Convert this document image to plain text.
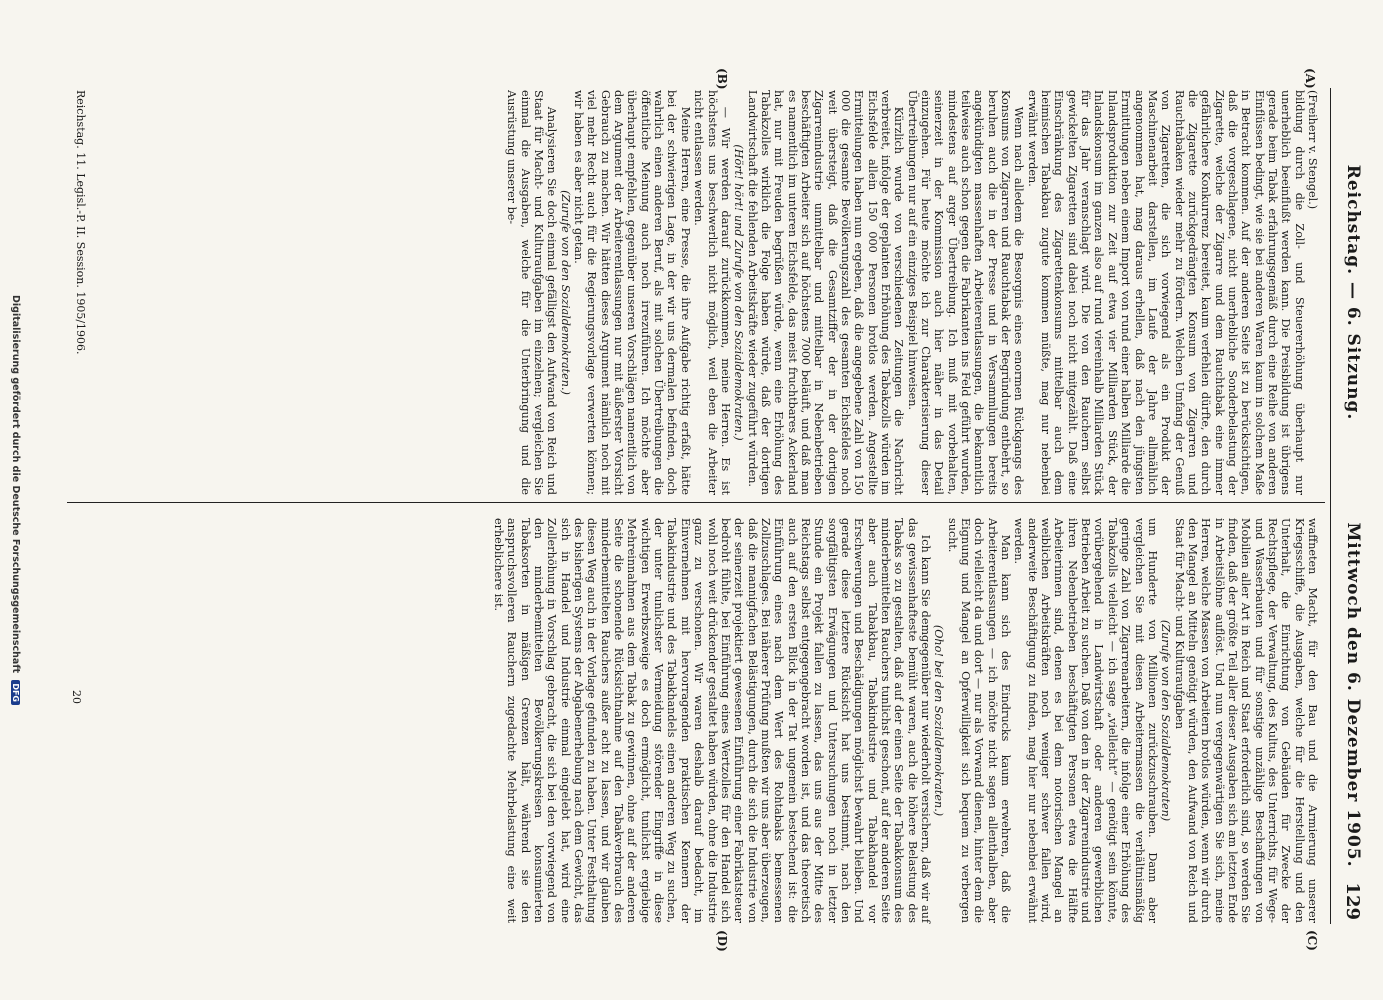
Reichstag. — 6. Sitzung.
Mittwoch den 6. Dezember 1905.
129
(A)
(B)
(C)
(D)

(Freiherr v. Stengel.)

bildung durch die Zoll- und Steuererhöhung überhaupt nur unerheblich beeinflußt werden kann. Die Preisbildung ist übrigens gerade beim Tabak erfahrungsgemäß durch eine Reihe von anderen Einflüssen bedingt, wie sie bei anderen Waren kaum in solchem Maße in Betracht kommen. Auf der anderen Seite ist zu berücksichtigen, daß die vorgeschlagene, nicht unerhebliche Sonderbelastung der Zigarette, welche der Zigarre und dem Rauchtabak eine immer gefährlichere Konkurrenz bereitet, kaum verfehlen dürfte, den durch die Zigarette zurückgedrängten Konsum von Zigarren und Rauchtabaken wieder mehr zu fördern. Welchen Umfang der Genuß von Zigaretten, die sich vorwiegend als ein Produkt der Maschinenarbeit darstellen, im Laufe der Jahre allmählich angenommen hat, mag daraus erhellen, daß nach den jüngsten Ermittlungen neben einem Import von rund einer halben Milliarde die Inlandsproduktion zur Zeit auf etwa vier Milliarden Stück, der Inlandskonsum im ganzen also auf rund viereinhalb Milliarden Stück für das Jahr veranschlagt wird. Die von den Rauchern selbst gewickelten Zigaretten sind dabei noch nicht mitgezählt. Daß eine Einschränkung des Zigarettenkonsums mittelbar auch dem heimischen Tabakbau zugute kommen müßte, mag nur nebenbei erwähnt werden.

Wenn nach alledem die Besorgnis eines enormen Rückgangs des Konsums von Zigarren und Rauchtabak der Begründung entbehrt, so beruhen auch die in der Presse und in Versammlungen bereits angekündigten massenhaften Arbeiterentlassungen, die bekanntlich teilweise auch schon gegen die Fabrikanten ins Feld geführt wurden, mindestens auf arger Übertreibung. Ich muß mit vorbehalten, seinerzeit in der Kommission auch hier näher in das Detail einzugehen. Für heute möchte ich zur Charakterisierung dieser Übertreibungen nur auf ein einziges Beispiel hinweisen.

Kürzlich wurde von verschiedenen Zeitungen die Nachricht verbreitet, infolge der geplanten Erhöhung des Tabakzolls würden im Eichsfelde allein 150 000 Personen brotlos werden. Angestellte Ermittelungen haben nun ergeben, daß die angegebene Zahl von 150 000 die gesamte Bevölkerungszahl des gesamten Eichsfeldes noch weit übersteigt, daß die Gesamtziffer der in der dortigen Zigarrenindustrie unmittelbar und mittelbar in Nebenbetrieben beschäftigten Arbeiter sich auf höchstens 7000 beläuft, und daß man es namentlich im unteren Eichsfelde, das meist fruchtbares Ackerland hat, nur mit Freuden begrüßen würde, wenn eine Erhöhung des Tabakzolles wirklich die Folge haben würde, daß der dortigen Landwirtschaft die fehlenden Arbeitskräfte wieder zugeführt würden.

(Hört! hört! und Zurufe von den Sozialdemokraten.)

— Wir werden darauf zurückkommen, meine Herren. Es ist höchstens uns beschwerlich nicht möglich, weil eben die Arbeiter nicht entlassen werden.

Meine Herren, eine Presse, die ihre Aufgabe richtig erfaßt, hätte bei der schwierigen Lage, in der wir uns dermalen befinden, doch wahrlich einen anderen Beruf, als mit solchen Übertreibungen die öffentliche Meinung auch noch irrezuführen. Ich möchte aber überhaupt empfehlen, gegenüber unseren Vorschlägen namentlich von dem Argument der Arbeiterentlassungen nur mit äußerster Vorsicht Gebrauch zu machen. Wir hätten dieses Argument nämlich noch mit viel mehr Recht auch für die Regierungsvorlage verwerten können; wir haben es aber nicht getan.

(Zurufe von den Sozialdemokraten.)

Analysieren Sie doch einmal gefälligst den Aufwand von Reich und Staat für Macht- und Kulturaufgaben im einzelnen; vergleichen Sie einmal die Ausgaben, welche für die Unterbringung und die Ausrüstung unserer be-

waffneten Macht, für den Bau und die Armierung unserer Kriegsschiffe, die Ausgaben, welche für die Herstellung und den Unterhalt, die Einrichtung von Gebäuden für Zwecke der Rechtspflege, der Verwaltung, des Kultus, des Unterrichts, für Wege- und Wasserbauten und für sonstige unzählige Beschaffungen von Mobilien aller Art in Reich und Staat erforderlich sind, so werden Sie finden, daß der größte Teil aller dieser Ausgaben sich am letzten Ende in Arbeitslöhne auflöst. Und nun vergegenwärtigen Sie sich, meine Herren, welche Massen von Arbeitern brotlos würden, wenn wir durch den Mangel an Mitteln genötigt würden, den Aufwand von Reich und Staat für Macht- und Kulturaufgaben

(Zurufe von den Sozialdemokraten)

um Hunderte von Millionen zurückzuschrauben. Dann aber vergleichen Sie mit diesen Arbeitermassen die verhältnismäßig geringe Zahl von Zigarrenarbeitern, die infolge einer Erhöhung des Tabakzolls vielleicht — ich sage „vielleicht“ — genötigt sein könnte, vorübergehend in Landwirtschaft oder anderen gewerblichen Betrieben Arbeit zu suchen. Daß von den in der Zigarrenindustrie und ihren Nebenbetrieben beschäftigten Personen etwa die Hälfte Arbeiterinnen sind, denen es bei dem notorischen Mangel an weiblichen Arbeitskräften noch weniger schwer fallen wird, anderweite Beschäftigung zu finden, mag hier nur nebenbei erwähnt werden.

Man kann sich des Eindrucks kaum erwehren, daß die Arbeiterentlassungen — ich möchte nicht sagen allenthalben, aber doch vielleicht da und dort — nur als Vorwand dienen, hinter dem die Eignung und Mangel an Opferwilligkeit sich bequem zu verbergen sucht.

(Oho! bei den Sozialdemokraten.)

Ich kann Sie demgegenüber nur wiederholt versichern, daß wir auf das gewissenhafteste bemüht waren, auch die höhere Belastung des Tabaks so zu gestalten, daß auf der einen Seite der Tabakkonsum des minderbemittelten Rauchers tunlichst geschont, auf der anderen Seite aber auch Tabakbau, Tabakindustrie und Tabakhandel vor Erschwerungen und Beschädigungen möglichst bewahrt bleiben. Und gerade diese letztere Rücksicht hat uns bestimmt, nach den sorgfältigsten Erwägungen und Untersuchungen noch in letzter Stunde ein Projekt fallen zu lassen, das uns aus der Mitte des Reichstags selbst entgegengebracht worden ist, und das theoretisch auch auf den ersten Blick in der Tat ungemein bestechend ist: die Einführung eines nach dem Wert des Rohtabaks bemessenen Zollzuschlages. Bei näherer Prüfung mußten wir uns aber überzeugen, daß die mannigfachen Belästigungen, durch die sich die Industrie von der seinerzeit projektiert gewesenen Einführung einer Fabrikatsteuer bedroht fühlte, bei Einführung eines Wertzolles für den Handel sich wohl noch weit drückender gestaltet haben würden, ohne die Industrie ganz zu verschonen. Wir waren deshalb darauf bedacht, im Einvernehmen mit hervorragenden praktischen Kennern der Tabakindustrie und des Tabakhandels einen anderen Weg zu suchen, der unter tunlichster Vermeidung störender Eingriffe in diese wichtigen Erwerbszweige es doch ermöglicht, tunlichst ergiebige Mehreinnahmen aus dem Tabak zu gewinnen, ohne auf der anderen Seite die schonende Rücksichtnahme auf den Tabakverbrauch des minderbemittelten Rauchers außer acht zu lassen, und wir glauben diesen Weg auch in der Vorlage gefunden zu haben. Unter Festhaltung des bisherigen Systems der Abgabenerhebung nach dem Gewicht, das sich in Handel und Industrie einmal eingelebt hat, wird eine Zollerhöhung in Vorschlag gebracht, die sich bei den vorwiegend von den minderbemittelten Bevölkerungskreisen konsumierten Tabaksorten in mäßigen Grenzen hält, während sie den anspruchsvolleren Rauchern zugedachte Mehrbelastung eine weit erheblichere ist.

Reichstag. 11. Legisl.-P. II. Session. 1905/1906.
20
Digitalisierung gefördert durch die Deutsche Forschungsgemeinschaft DFG
